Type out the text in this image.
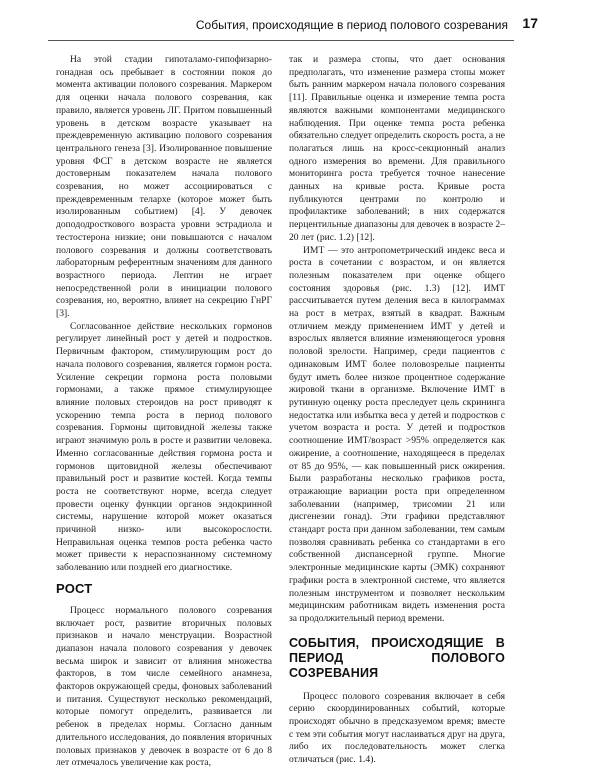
События, происходящие в период полового созревания 17

На этой стадии гипоталамо-гипофизарно-гонадная ось пребывает в состоянии покоя до момента активации полового созревания. Маркером для оценки начала полового созревания, как правило, является уровень ЛГ. Притом повышенный уровень в детском возрасте указывает на преждевременную активацию полового созревания центрального генеза [3]. Изолированное повышение уровня ФСГ в детском возрасте не является достоверным показателем начала полового созревания, но может ассоциироваться с преждевременным телархе (которое может быть изолированным событием) [4]. У девочек допододросткового возраста уровни эстрадиола и тестостерона низкие; они повышаются с началом полового созревания и должны соответствовать лабораторным референтным значениям для данного возрастного периода. Лептин не играет непосредственной роли в инициации полового созревания, но, вероятно, влияет на секрецию ГнРГ [3].

Согласованное действие нескольких гормонов регулирует линейный рост у детей и подростков. Первичным фактором, стимулирующим рост до начала полового созревания, является гормон роста. Усиление секреции гормона роста половыми гормонами, а также прямое стимулирующее влияние половых стероидов на рост приводят к ускорению темпа роста в период полового созревания. Гормоны щитовидной железы также играют значимую роль в росте и развитии человека. Именно согласованные действия гормона роста и гормонов щитовидной железы обеспечивают правильный рост и развитие костей. Когда темпы роста не соответствуют норме, всегда следует провести оценку функции органов эндокринной системы, нарушение которой может оказаться причиной низко- или высокорослости. Неправильная оценка темпов роста ребенка часто может привести к нераспознанному системному заболеванию или поздней его диагностике.

РОСТ

Процесс нормального полового созревания включает рост, развитие вторичных половых признаков и начало менструации. Возрастной диапазон начала полового созревания у девочек весьма широк и зависит от влияния множества факторов, в том числе семейного анамнеза, факторов окружающей среды, фоновых заболеваний и питания. Существуют несколько рекомендаций, которые помогут определить, развивается ли ребенок в пределах нормы. Согласно данным длительного исследования, до появления вторичных половых признаков у девочек в возрасте от 6 до 8 лет отмечалось увеличение как роста,

так и размера стопы, что дает основания предполагать, что изменение размера стопы может быть ранним маркером начала полового созревания [11]. Правильные оценка и измерение темпа роста являются важными компонентами медицинского наблюдения. При оценке темпа роста ребенка обязательно следует определить скорость роста, а не полагаться лишь на кросс-секционный анализ одного измерения во времени. Для правильного мониторинга роста требуется точное нанесение данных на кривые роста. Кривые роста публикуются центрами по контролю и профилактике заболеваний; в них содержатся перцентильные диапазоны для девочек в возрасте 2–20 лет (рис. 1.2) [12].

ИМТ — это антропометрический индекс веса и роста в сочетании с возрастом, и он является полезным показателем при оценке общего состояния здоровья (рис. 1.3) [12]. ИМТ рассчитывается путем деления веса в килограммах на рост в метрах, взятый в квадрат. Важным отличием между применением ИМТ у детей и взрослых является влияние изменяющегося уровня половой зрелости. Например, среди пациентов с одинаковым ИМТ более половозрелые пациенты будут иметь более низкое процентное содержание жировой ткани в организме. Включение ИМТ в рутинную оценку роста преследует цель скрининга недостатка или избытка веса у детей и подростков с учетом возраста и роста. У детей и подростков соотношение ИМТ/возраст >95% определяется как ожирение, а соотношение, находящееся в пределах от 85 до 95%, — как повышенный риск ожирения. Были разработаны несколько графиков роста, отражающие вариации роста при определенном заболевании (например, трисомии 21 или дисгенезии гонад). Эти графики представляют стандарт роста при данном заболевании, тем самым позволяя сравнивать ребенка со стандартами в его собственной диспансерной группе. Многие электронные медицинские карты (ЭМК) сохраняют графики роста в электронной системе, что является полезным инструментом и позволяет нескольким медицинским работникам видеть изменения роста за продолжительный период времени.

СОБЫТИЯ, ПРОИСХОДЯЩИЕ В ПЕРИОД ПОЛОВОГО СОЗРЕВАНИЯ

Процесс полового созревания включает в себя серию скоординированных событий, которые происходят обычно в предсказуемом время; вместе с тем эти события могут наслаиваться друг на друга, либо их последовательность может слегка отличаться (рис. 1.4).
